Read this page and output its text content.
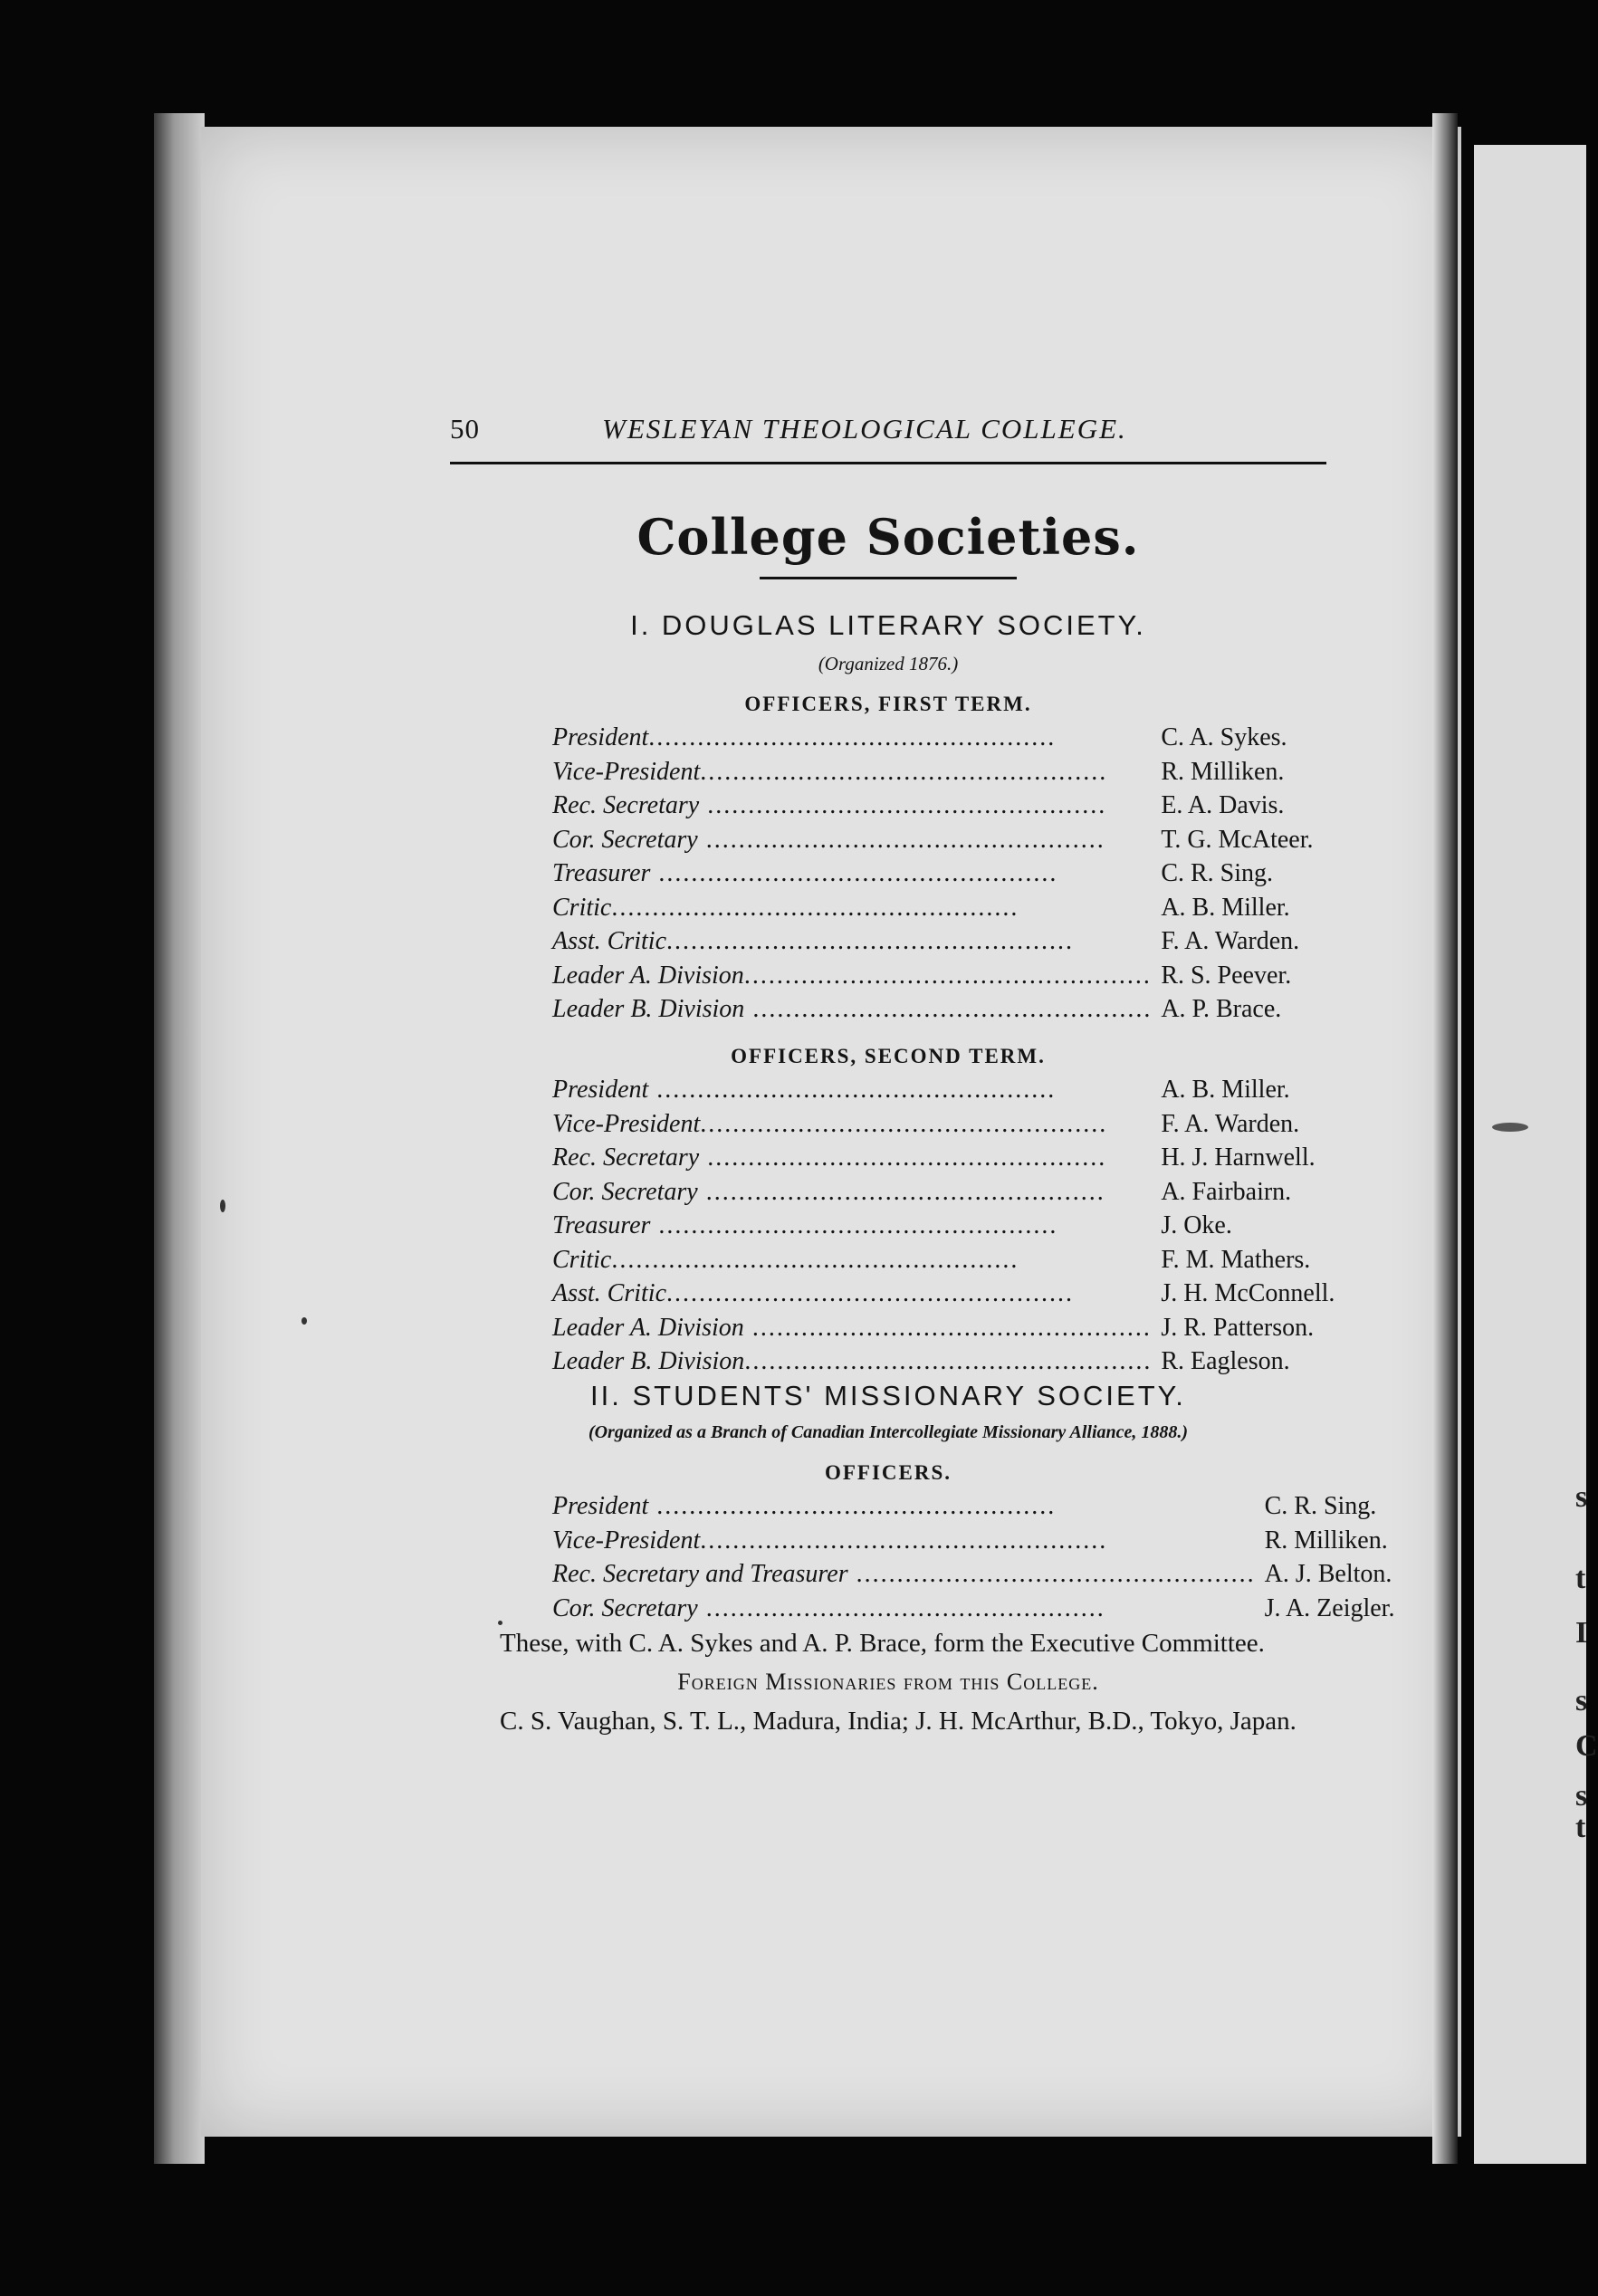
s
t
I
s
C
s
t
50	WESLEYAN THEOLOGICAL COLLEGE.
College Societies.
I. DOUGLAS LITERARY SOCIETY.
(Organized 1876.)
OFFICERS, FIRST TERM.
President..................................................	C. A. Sykes.
Vice-President..................................................	R. Milliken.
Rec. Secretary .................................................	E. A. Davis.
Cor. Secretary .................................................	T. G. McAteer.
Treasurer .................................................	C. R. Sing.
Critic..................................................	A. B. Miller.
Asst. Critic..................................................	F. A. Warden.
Leader A. Division..................................................	R. S. Peever.
Leader B. Division .................................................	A. P. Brace.
OFFICERS, SECOND TERM.
President .................................................	A. B. Miller.
Vice-President..................................................	F. A. Warden.
Rec. Secretary .................................................	H. J. Harnwell.
Cor. Secretary .................................................	A. Fairbairn.
Treasurer .................................................	J. Oke.
Critic..................................................	F. M. Mathers.
Asst. Critic..................................................	J. H. McConnell.
Leader A. Division .................................................	J. R. Patterson.
Leader B. Division..................................................	R. Eagleson.
II. STUDENTS' MISSIONARY SOCIETY.
(Organized as a Branch of Canadian Intercollegiate Missionary Alliance, 1888.)
OFFICERS.
President .................................................	C. R. Sing.
Vice-President..................................................	R. Milliken.
Rec. Secretary and Treasurer .................................................	A. J. Belton.
Cor. Secretary .................................................	J. A. Zeigler.
These, with C. A. Sykes and A. P. Brace, form the Executive Committee.
Foreign Missionaries from this College.
C. S. Vaughan, S. T. L., Madura, India; J. H. McArthur, B.D., Tokyo, Japan.
